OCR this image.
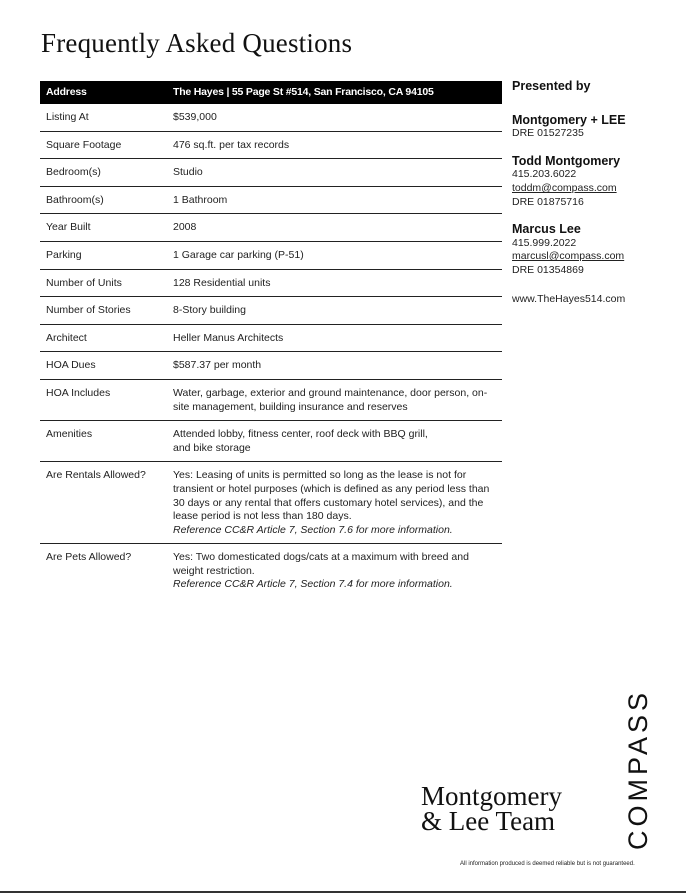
Frequently Asked Questions
Address	The Hayes | 55 Page St #514, San Francisco, CA 94105
Listing At	$539,000
Square Footage	476 sq.ft. per tax records
Bedroom(s)	Studio
Bathroom(s)	1 Bathroom
Year Built	2008
Parking	1 Garage car parking (P-51)
Number of Units	128 Residential units
Number of Stories	8-Story building
Architect	Heller Manus Architects
HOA Dues	$587.37 per month
HOA Includes	Water, garbage, exterior and ground maintenance, door person, on-site management, building insurance and reserves
Amenities	Attended lobby, fitness center, roof deck with BBQ grill,
and bike storage

Are Rentals Allowed?	Yes: Leasing of units is permitted so long as the lease is not for transient or hotel purposes (which is defined as any period less than 30 days or any rental that offers customary hotel services), and the lease period is not less than 180 days.
Reference CC&R Article 7, Section 7.6 for more information.

Are Pets Allowed?	Yes: Two domesticated dogs/cats at a maximum with breed and weight restriction.
Reference CC&R Article 7, Section 7.4 for more information.
Presented by
Montgomery + LEE
DRE 01527235
Todd Montgomery
415.203.6022
toddm@compass.com
DRE 01875716
Marcus Lee
415.999.2022
marcusl@compass.com
DRE 01354869
www.TheHayes514.com
Montgomery
& Lee Team	COMPASS
All information produced is deemed reliable but is not guaranteed.
